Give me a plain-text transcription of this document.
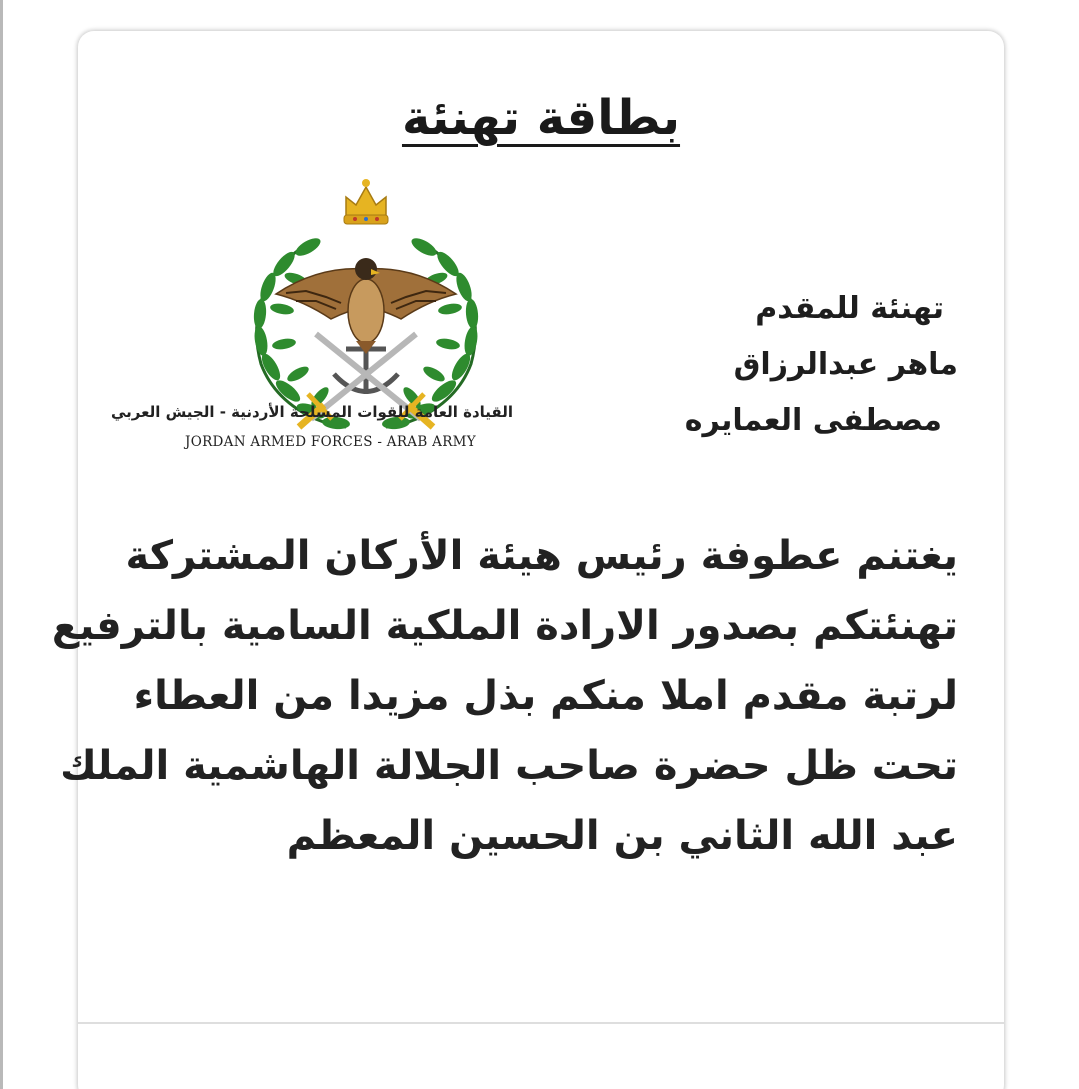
بطاقة تهنئة
القيادة العامة للقوات المسلحة الأردنية - الجيش العربي
JORDAN ARMED FORCES - ARAB ARMY
تهنئة للمقدم
ماهر عبدالرزاق
مصطفى العمايره
يغتنم عطوفة رئيس هيئة الأركان المشتركة
تهنئتكم بصدور الارادة الملكية السامية بالترفيع
لرتبة مقدم املا منكم بذل مزيدا من العطاء
تحت ظل حضرة صاحب الجلالة الهاشمية الملك
عبد الله الثاني بن الحسين المعظم
